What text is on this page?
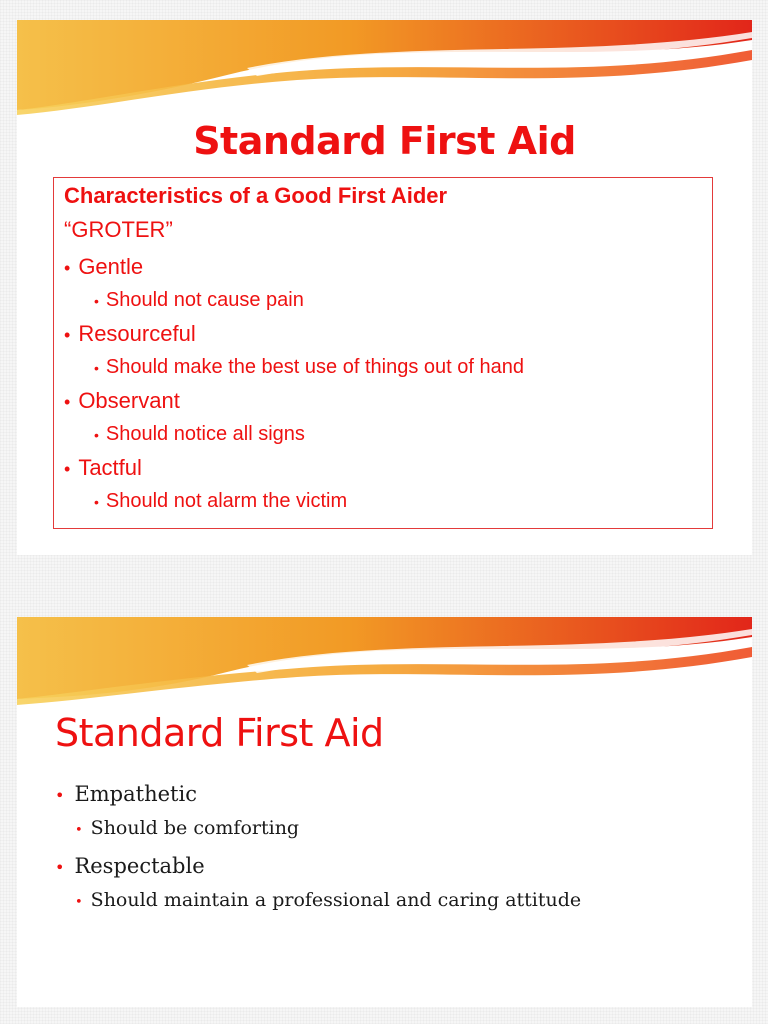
Standard First Aid

Characteristics of a Good First Aider

“GROTER”

• Gentle
• Should not cause pain
• Resourceful
• Should make the best use of things out of hand
• Observant
• Should notice all signs
• Tactful
• Should not alarm the victim
Standard First Aid
• Empathetic
• Should be comforting
• Respectable
• Should maintain a professional and caring attitude
